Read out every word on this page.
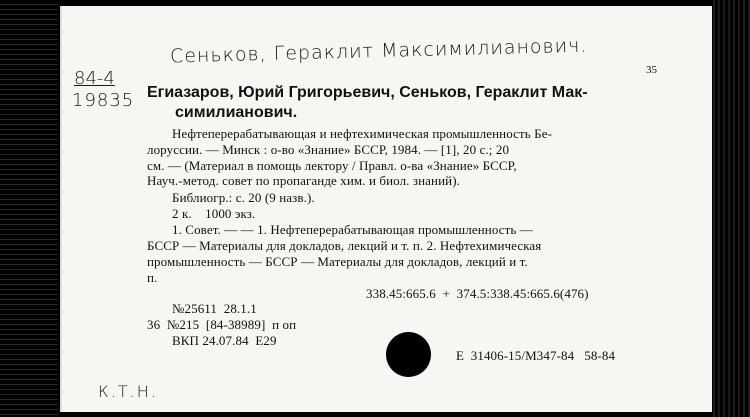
Сеньков, Гераклит Максимилианович.
84-4
19835
35
Егиазаров, Юрий Григорьевич, Сеньков, Гераклит Мак-
симилианович.
Нефтеперерабатывающая и нефтехимическая промышленность Бе-
лоруссии. — Минск : о-во «Знание» БССР, 1984. — [1], 20 с.; 20
см. — (Материал в помощь лектору / Правл. о-ва «Знание» БССР,
Науч.-метод. совет по пропаганде хим. и биол. знаний).
Библиогр.: с. 20 (9 назв.).
2 к.    1000 экз.
1. Совет. — — 1. Нефтеперерабатывающая промышленность —
БССР — Материалы для докладов, лекций и т. п. 2. Нефтехимическая
промышленность — БССР — Материалы для докладов, лекций и т.
п.
338.45:665.6  +  374.5:338.45:665.6(476)
№25611  28.1.1
36  №215  [84-38989]  п оп
ВКП 24.07.84  E29
E  31406-15/M347-84   58-84
К.Т.Н.
